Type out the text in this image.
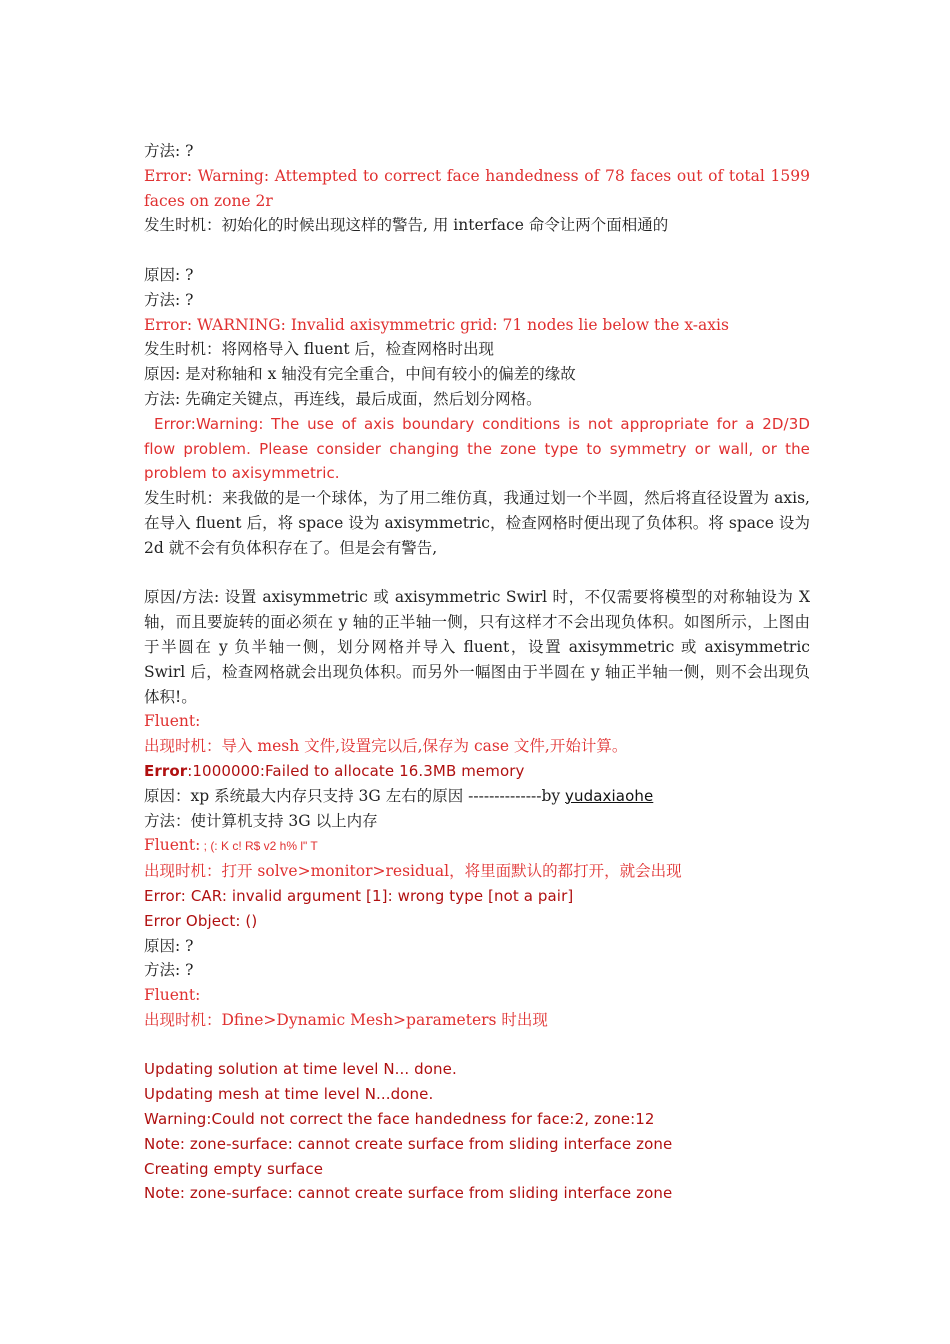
方法: ?

Error: Warning: Attempted to correct face handedness of 78 faces out of total 1599 faces on zone 2r

发生时机：初始化的时候出现这样的警告, 用 interface 命令让两个面相通的

原因: ?

方法: ?

Error: WARNING: Invalid axisymmetric grid: 71 nodes lie below the x-axis

发生时机：将网格导入 fluent 后，检查网格时出现

原因: 是对称轴和 x 轴没有完全重合，中间有较小的偏差的缘故

方法: 先确定关键点，再连线，最后成面，然后划分网格。

Error:Warning: The use of axis boundary conditions is not appropriate for a 2D/3D flow problem. Please consider changing the zone type to symmetry or wall, or the problem to axisymmetric.

发生时机：来我做的是一个球体，为了用二维仿真，我通过划一个半圆，然后将直径设置为 axis,在导入 fluent 后，将 space 设为 axisymmetric，检查网格时便出现了负体积。将 space 设为 2d 就不会有负体积存在了。但是会有警告,

原因/方法: 设置 axisymmetric 或 axisymmetric Swirl 时，不仅需要将模型的对称轴设为 X 轴，而且要旋转的面必须在 y 轴的正半轴一侧，只有这样才不会出现负体积。如图所示，上图由于半圆在 y 负半轴一侧，划分网格并导入 fluent，设置 axisymmetric 或 axisymmetric Swirl 后，检查网格就会出现负体积。而另外一幅图由于半圆在 y 轴正半轴一侧，则不会出现负体积!。

Fluent:

出现时机：导入 mesh 文件,设置完以后,保存为 case 文件,开始计算。

Error:1000000:Failed to allocate 16.3MB memory

原因：xp 系统最大内存只支持 3G 左右的原因 --------------by yudaxiaohe

方法：使计算机支持 3G 以上内存

Fluent: ; (: K c! R$ v2 h% l" T

出现时机：打开 solve>monitor>residual，将里面默认的都打开，就会出现

Error: CAR: invalid argument [1]: wrong type [not a pair]

Error Object: ()

原因: ?

方法: ?

Fluent:

出现时机：Dfine>Dynamic Mesh>parameters 时出现

Updating solution at time level N... done.

Updating mesh at time level N...done.

Warning:Could not correct the face handedness for face:2, zone:12

Note: zone-surface: cannot create surface from sliding interface zone

Creating empty surface

Note: zone-surface: cannot create surface from sliding interface zone
